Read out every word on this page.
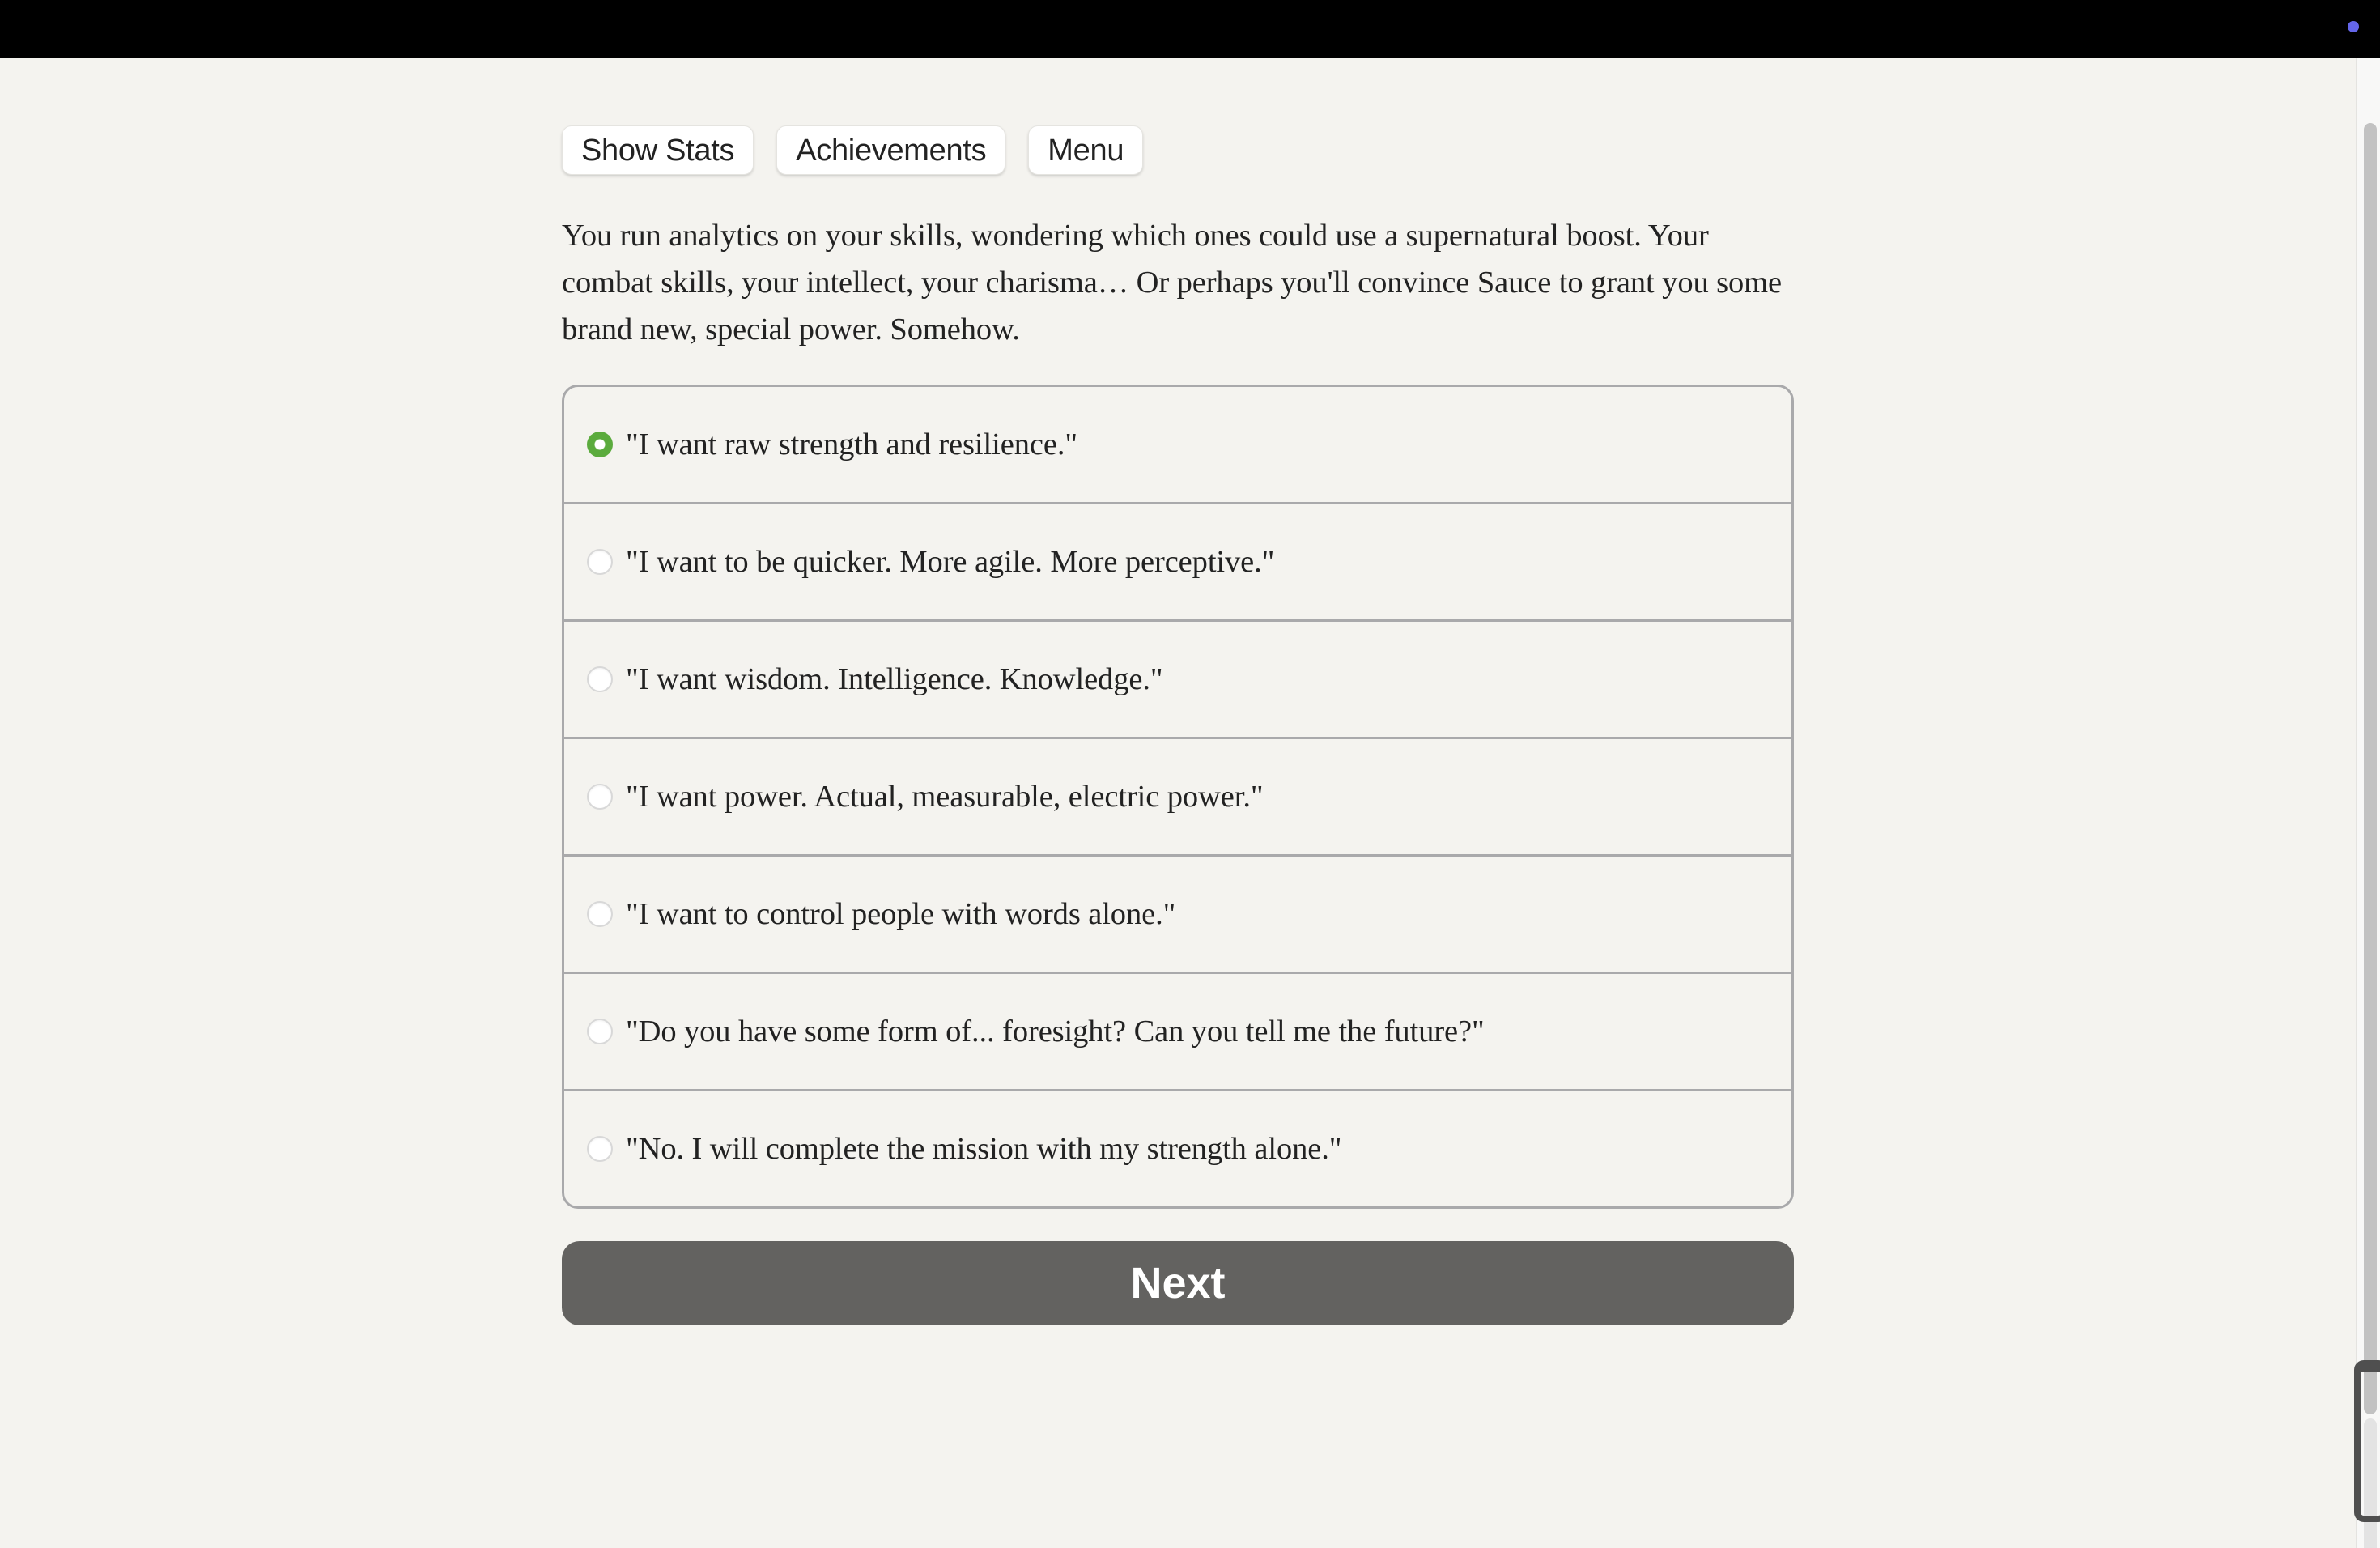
Show Stats	Achievements	Menu

You run analytics on your skills, wondering which ones could use a supernatural boost. Your combat skills, your intellect, your charisma… Or perhaps you'll convince Sauce to grant you some brand new, special power. Somehow.

"I want raw strength and resilience."
"I want to be quicker. More agile. More perceptive."
"I want wisdom. Intelligence. Knowledge."
"I want power. Actual, measurable, electric power."
"I want to control people with words alone."
"Do you have some form of... foresight? Can you tell me the future?"
"No. I will complete the mission with my strength alone."
Next
